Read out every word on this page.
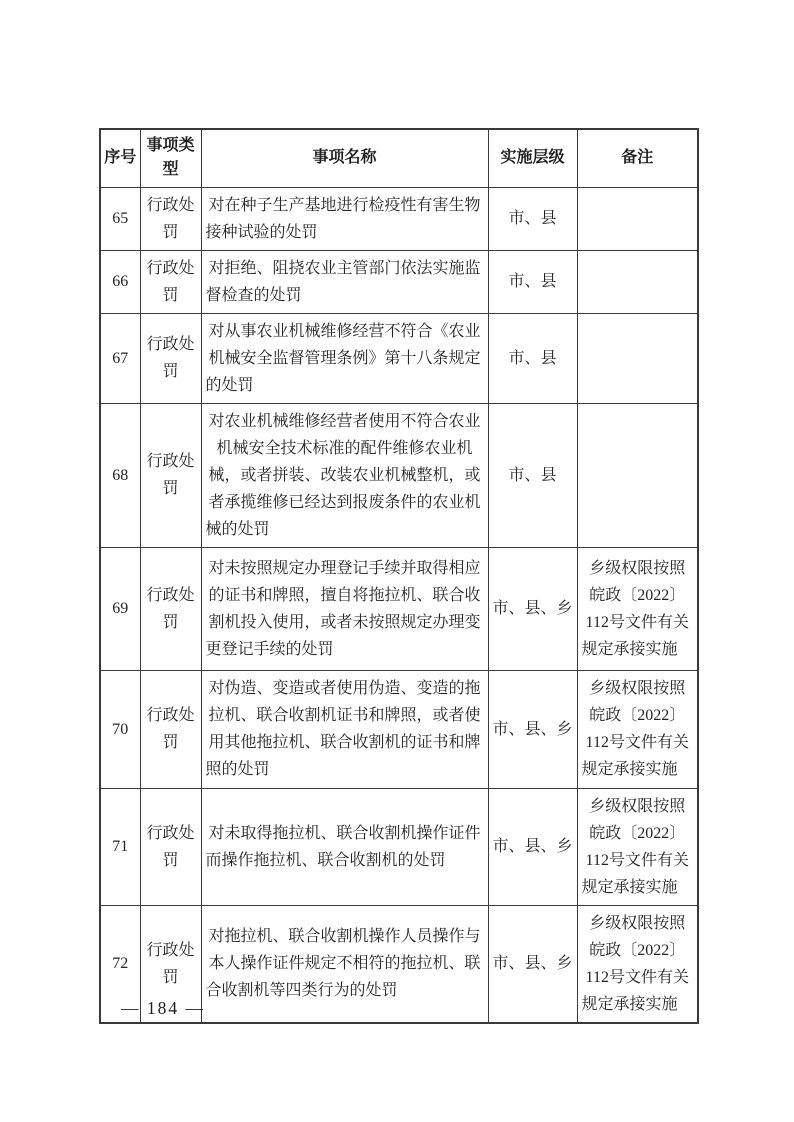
序号	事项类型	事项名称	实施层级	备注
65	行政处罚	对在种子生产基地进行检疫性有害生物接种试验的处罚	市、县	
66	行政处罚	对拒绝、阻挠农业主管部门依法实施监督检查的处罚	市、县	
67	行政处罚	对从事农业机械维修经营不符合《农业机械安全监督管理条例》第十八条规定的处罚	市、县	
68	行政处罚	对农业机械维修经营者使用不符合农业机械安全技术标准的配件维修农业机械，或者拼装、改装农业机械整机，或者承揽维修已经达到报废条件的农业机械的处罚	市、县	
69	行政处罚	对未按照规定办理登记手续并取得相应的证书和牌照，擅自将拖拉机、联合收割机投入使用，或者未按照规定办理变更登记手续的处罚	市、县、乡	乡级权限按照皖政〔2022〕112号文件有关规定承接实施
70	行政处罚	对伪造、变造或者使用伪造、变造的拖拉机、联合收割机证书和牌照，或者使用其他拖拉机、联合收割机的证书和牌照的处罚	市、县、乡	乡级权限按照皖政〔2022〕112号文件有关规定承接实施
71	行政处罚	对未取得拖拉机、联合收割机操作证件而操作拖拉机、联合收割机的处罚	市、县、乡	乡级权限按照皖政〔2022〕112号文件有关规定承接实施
72	行政处罚	对拖拉机、联合收割机操作人员操作与本人操作证件规定不相符的拖拉机、联合收割机等四类行为的处罚	市、县、乡	乡级权限按照皖政〔2022〕112号文件有关规定承接实施
— 184 —
